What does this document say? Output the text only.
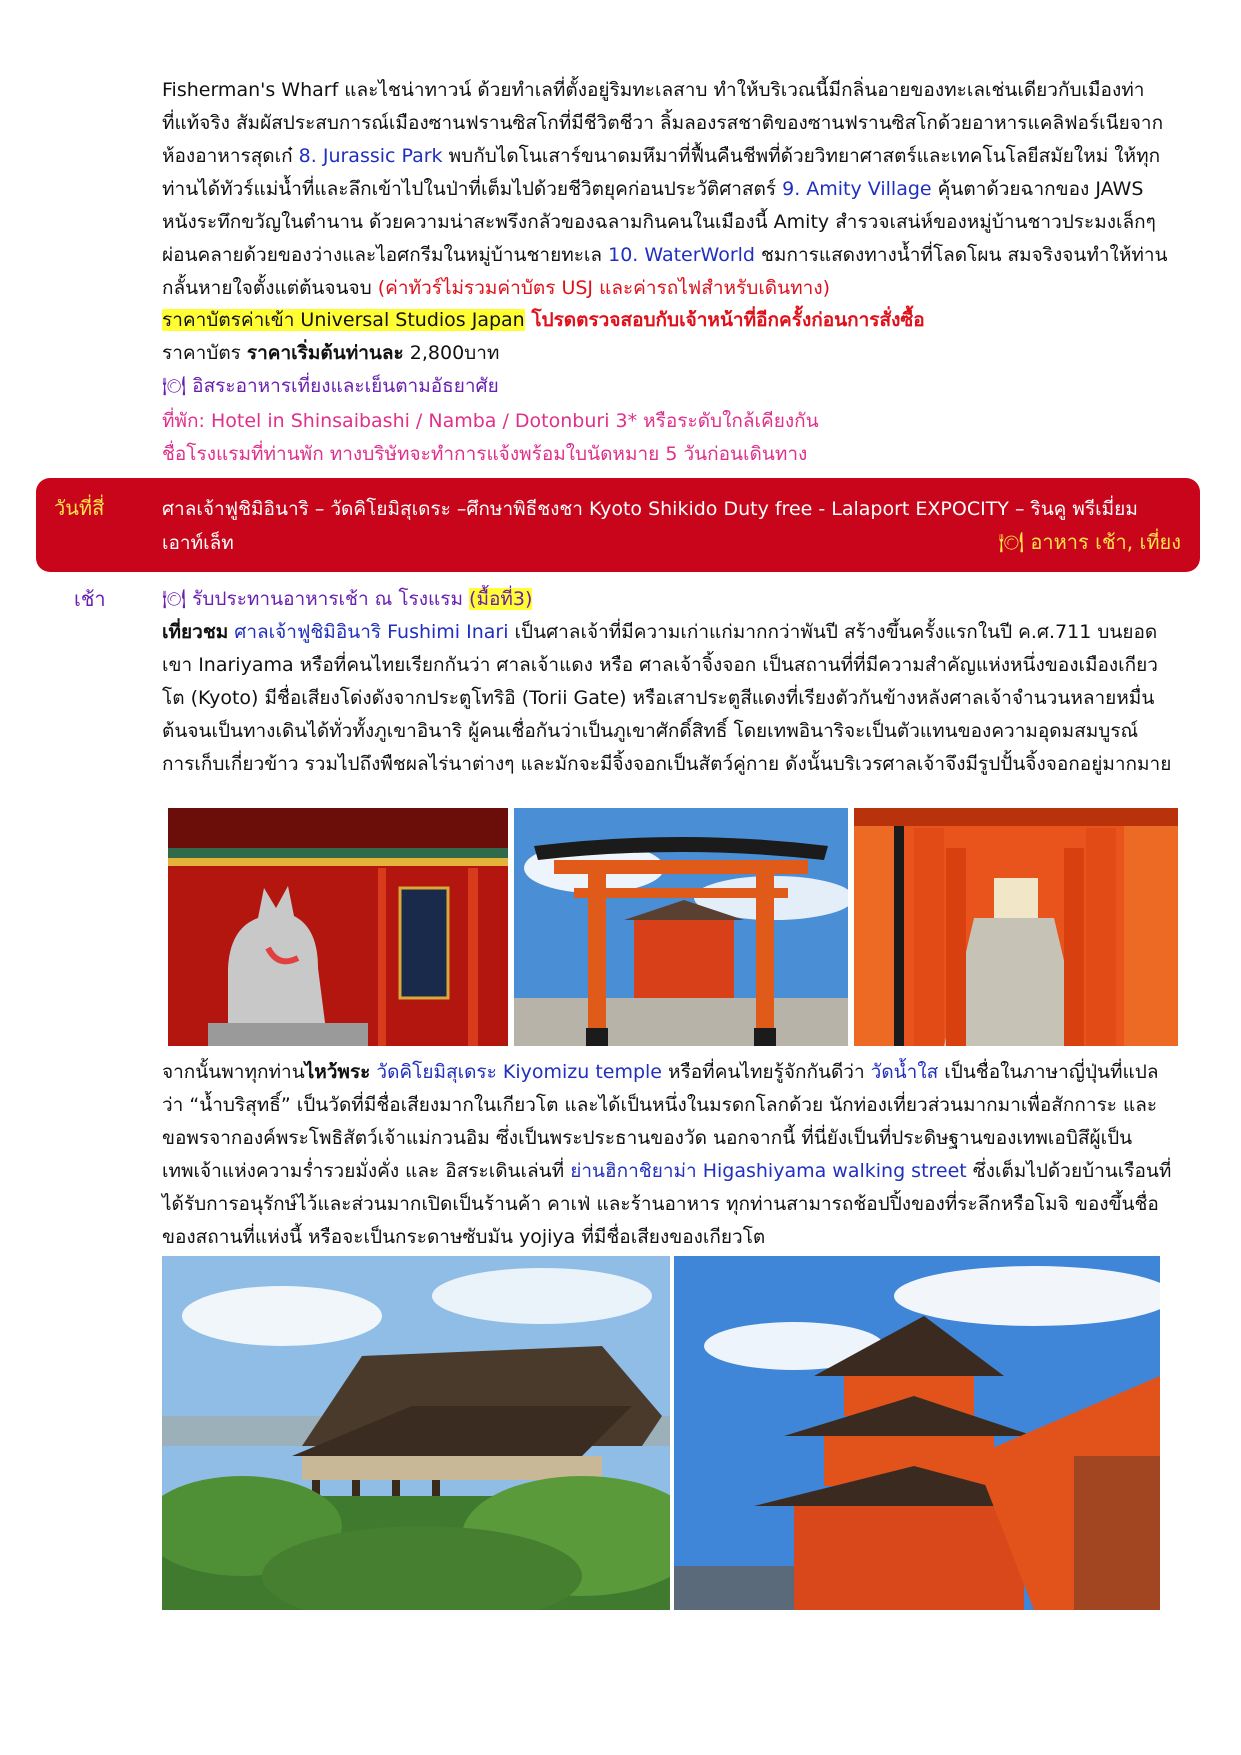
Fisherman's Wharf และไชน่าทาวน์ ด้วยทำเลที่ตั้งอยู่ริมทะเลสาบ ทำให้บริเวณนี้มีกลิ่นอายของทะเลเช่นเดียวกับเมืองท่าที่แท้จริง สัมผัสประสบการณ์เมืองซานฟรานซิสโกที่มีชีวิตชีวา ลิ้มลองรสชาติของซานฟรานซิสโกด้วยอาหารแคลิฟอร์เนียจากห้องอาหารสุดเก๋ 8. Jurassic Park พบกับไดโนเสาร์ขนาดมหึมาที่ฟื้นคืนชีพที่ด้วยวิทยาศาสตร์และเทคโนโลยีสมัยใหม่ ให้ทุกท่านได้ทัวร์แม่น้ำที่และลึกเข้าไปในป่าที่เต็มไปด้วยชีวิตยุคก่อนประวัติศาสตร์ 9. Amity Village คุ้นตาด้วยฉากของ JAWS หนังระทึกขวัญในตำนาน ด้วยความน่าสะพรึงกลัวของฉลามกินคนในเมืองนี้ Amity สำรวจเสน่ห์ของหมู่บ้านชาวประมงเล็กๆ ผ่อนคลายด้วยของว่างและไอศกรีมในหมู่บ้านชายทะเล 10. WaterWorld ชมการแสดงทางน้ำที่โลดโผน สมจริงจนทำให้ท่านกลั้นหายใจตั้งแต่ต้นจนจบ (ค่าทัวร์ไม่รวมค่าบัตร USJ และค่ารถไฟสำหรับเดินทาง)

ราคาบัตรค่าเข้า Universal Studios Japan โปรดตรวจสอบกับเจ้าหน้าที่อีกครั้งก่อนการสั่งซื้อ
ราคาบัตร ราคาเริ่มต้นท่านละ 2,800บาท
🍽 อิสระอาหารเที่ยงและเย็นตามอัธยาศัย
ที่พัก: Hotel in Shinsaibashi / Namba / Dotonburi 3* หรือระดับใกล้เคียงกัน
ชื่อโรงแรมที่ท่านพัก ทางบริษัทจะทำการแจ้งพร้อมใบนัดหมาย 5 วันก่อนเดินทาง
วันที่สี่	ศาลเจ้าฟูชิมิอินาริ – วัดคิโยมิสุเดระ –ศึกษาพิธีชงชา Kyoto Shikido Duty free - Lalaport EXPOCITY – รินคู พรีเมี่ยม เอาท์เล็ท	🍽 อาหาร เช้า, เที่ยง
เช้า	🍽 รับประทานอาหารเช้า ณ โรงแรม (มื้อที่3)

เที่ยวชม ศาลเจ้าฟูชิมิอินาริ Fushimi Inari เป็นศาลเจ้าที่มีความเก่าแก่มากกว่าพันปี สร้างขึ้นครั้งแรกในปี ค.ศ.711 บนยอดเขา Inariyama หรือที่คนไทยเรียกกันว่า ศาลเจ้าแดง หรือ ศาลเจ้าจิ้งจอก เป็นสถานที่ที่มีความสำคัญแห่งหนึ่งของเมืองเกียวโต (Kyoto) มีชื่อเสียงโด่งดังจากประตูโทริอิ (Torii Gate) หรือเสาประตูสีแดงที่เรียงตัวกันข้างหลังศาลเจ้าจำนวนหลายหมื่นต้นจนเป็นทางเดินได้ทั่วทั้งภูเขาอินาริ ผู้คนเชื่อกันว่าเป็นภูเขาศักดิ์สิทธิ์ โดยเทพอินาริจะเป็นตัวแทนของความอุดมสมบูรณ์ การเก็บเกี่ยวข้าว รวมไปถึงพืชผลไร่นาต่างๆ และมักจะมีจิ้งจอกเป็นสัตว์คู่กาย ดังนั้นบริเวรศาลเจ้าจึงมีรูปปั้นจิ้งจอกอยู่มากมาย

จากนั้นพาทุกท่านไหว้พระ วัดคิโยมิสุเดระ Kiyomizu temple หรือที่คนไทยรู้จักกันดีว่า วัดน้ำใส เป็นชื่อในภาษาญี่ปุ่นที่แปลว่า “น้ำบริสุทธิ์” เป็นวัดที่มีชื่อเสียงมากในเกียวโต และได้เป็นหนึ่งในมรดกโลกด้วย นักท่องเที่ยวส่วนมากมาเพื่อสักการะ และ ขอพรจากองค์พระโพธิสัตว์เจ้าแม่กวนอิม ซึ่งเป็นพระประธานของวัด นอกจากนี้ ที่นี่ยังเป็นที่ประดิษฐานของเทพเอบิสึผู้เป็นเทพเจ้าแห่งความร่ำรวยมั่งคั่ง และ อิสระเดินเล่นที่ ย่านฮิกาชิยาม่า Higashiyama walking street ซึ่งเต็มไปด้วยบ้านเรือนที่ได้รับการอนุรักษ์ไว้และส่วนมากเปิดเป็นร้านค้า คาเฟ่ และร้านอาหาร ทุกท่านสามารถช้อปปิ้งของที่ระลึกหรือโมจิ ของขึ้นชื่อของสถานที่แห่งนี้ หรือจะเป็นกระดาษซับมัน yojiya ที่มีชื่อเสียงของเกียวโต
